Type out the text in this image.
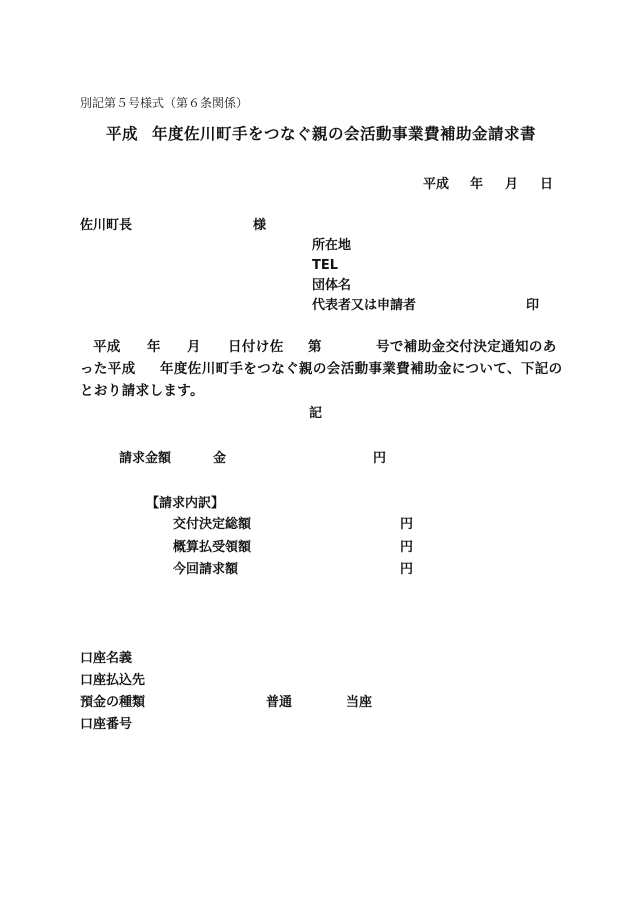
別記第５号様式（第６条関係）
平成 年度佐川町手をつなぐ親の会活動事業費補助金請求書
平成 年 月 日
佐川町長	様
所在地
TEL
団体名
代表者又は申請者	印
平成 年 月 日付け佐 第	号で補助金交付決定通知のあ
った平成 年度佐川町手をつなぐ親の会活動事業費補助金について、下記の
とおり請求します。
記
請求金額	金	円
【請求内訳】
交付決定総額	円
概算払受領額	円
今回請求額	円
口座名義
口座払込先
預金の種類	普通	当座
口座番号
